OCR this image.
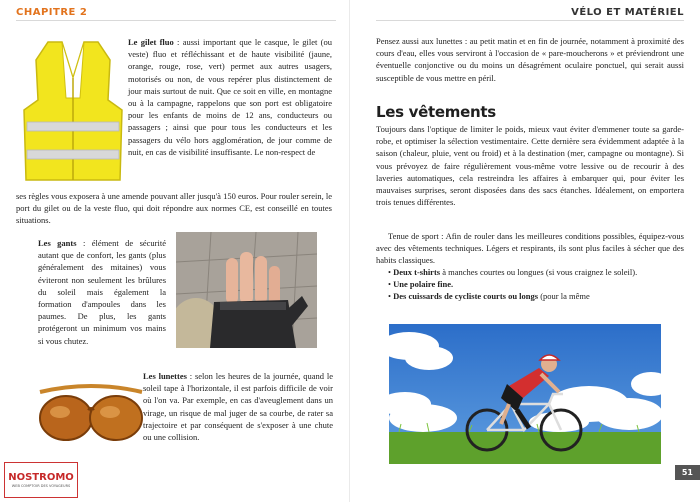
CHAPITRE 2
Le gilet fluo : aussi important que le casque, le gilet (ou veste) fluo et réfléchissant et de haute visibilité (jaune, orange, rouge, rose, vert) permet aux autres usagers, motorisés ou non, de vous repérer plus distinctement de jour mais surtout de nuit. Que ce soit en ville, en montagne ou à la campagne, rappelons que son port est obligatoire pour les enfants de moins de 12 ans, conducteurs ou passagers ; ainsi que pour tous les conducteurs et les passagers du vélo hors agglomération, de jour comme de nuit, en cas de visibilité insuffisante. Le non-respect de
ses règles vous exposera à une amende pouvant aller jusqu'à 150 euros. Pour rouler serein, le port du gilet ou de la veste fluo, qui doit répondre aux normes CE, est conseillé en toutes situations.
Les gants : élément de sécurité autant que de confort, les gants (plus généralement des mitaines) vous éviteront non seulement les brûlures du soleil mais également la formation d'ampoules dans les paumes. De plus, les gants protégeront un minimum vos mains si vous chutez.
Les lunettes : selon les heures de la journée, quand le soleil tape à l'horizontale, il est parfois difficile de voir où l'on va. Par exemple, en cas d'aveuglement dans un virage, un risque de mal juger de sa courbe, de rater sa trajectoire et par conséquent de s'exposer à une chute ou une collision.
NOSTROMO
WEB COMPTOIR DES VOYAGEURS
VÉLO ET MATÉRIEL
Pensez aussi aux lunettes : au petit matin et en fin de journée, notamment à proximité des cours d'eau, elles vous serviront à l'occasion de « pare-moucherons » et préviendront une éventuelle conjonctive ou du moins un désagrément oculaire ponctuel, qui serait aussi susceptible de vous mettre en péril.
Les vêtements
Toujours dans l'optique de limiter le poids, mieux vaut éviter d'emmener toute sa garde-robe, et optimiser la sélection vestimentaire. Cette dernière sera évidemment adaptée à la saison (chaleur, pluie, vent ou froid) et à la destination (mer, campagne ou montagne). Si vous prévoyez de faire régulièrement vous-même votre lessive ou de recourir à des laveries automatiques, cela restreindra les affaires à embarquer qui, pour éviter les mauvaises surprises, seront disposées dans des sacs étanches. Idéalement, on emportera trois tenues différentes.
Tenue de sport : Afin de rouler dans les meilleures conditions possibles, équipez-vous avec des vêtements techniques. Légers et respirants, ils sont plus faciles à sécher que des habits classiques.
• Deux t-shirts à manches courtes ou longues (si vous craignez le soleil).
• Une polaire fine.
• Des cuissards de cycliste courts ou longs (pour la même
51
